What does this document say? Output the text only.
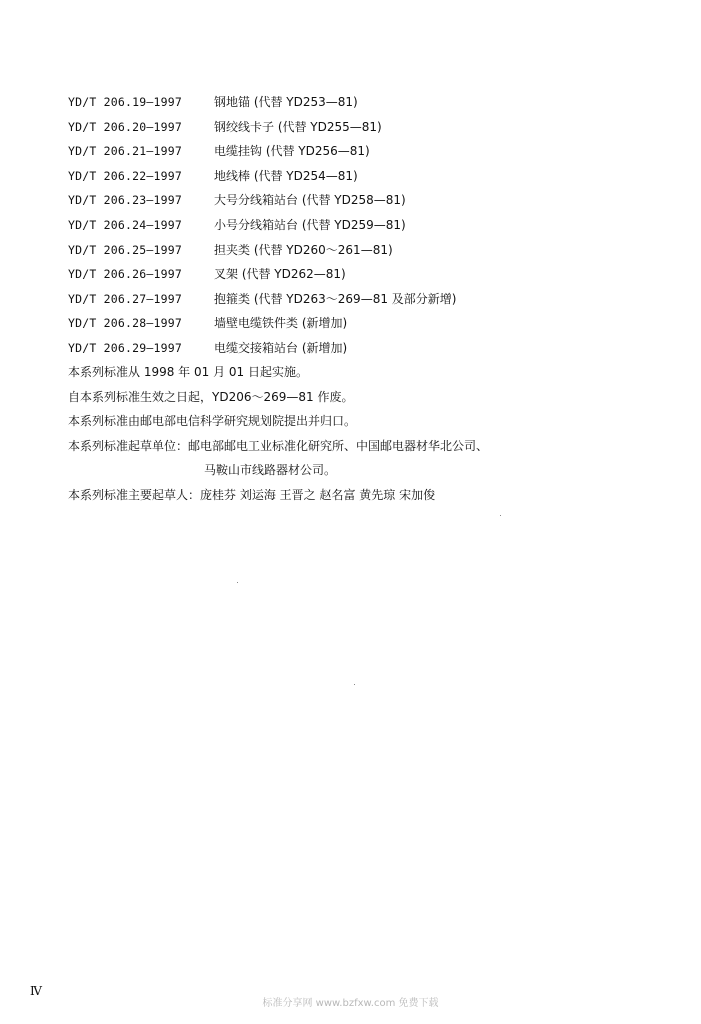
YD/T 206.19—1997	钢地锚 (代替 YD253—81)
YD/T 206.20—1997	钢绞线卡子 (代替 YD255—81)
YD/T 206.21—1997	电缆挂钩 (代替 YD256—81)
YD/T 206.22—1997	地线棒 (代替 YD254—81)
YD/T 206.23—1997	大号分线箱站台 (代替 YD258—81)
YD/T 206.24—1997	小号分线箱站台 (代替 YD259—81)
YD/T 206.25—1997	担夹类 (代替 YD260～261—81)
YD/T 206.26—1997	叉架 (代替 YD262—81)
YD/T 206.27—1997	抱箍类 (代替 YD263～269—81 及部分新增)
YD/T 206.28—1997	墙壁电缆铁件类 (新增加)
YD/T 206.29—1997	电缆交接箱站台 (新增加)
本系列标准从 1998 年 01 月 01 日起实施。
自本系列标准生效之日起，YD206～269—81 作废。
本系列标准由邮电部电信科学研究规划院提出并归口。
本系列标准起草单位：邮电部邮电工业标准化研究所、中国邮电器材华北公司、
马鞍山市线路器材公司。
本系列标准主要起草人：庞桂芬 刘运海 王晋之 赵名富 黄先琼 宋加俊
Ⅳ
标准分享网 www.bzfxw.com 免费下载
